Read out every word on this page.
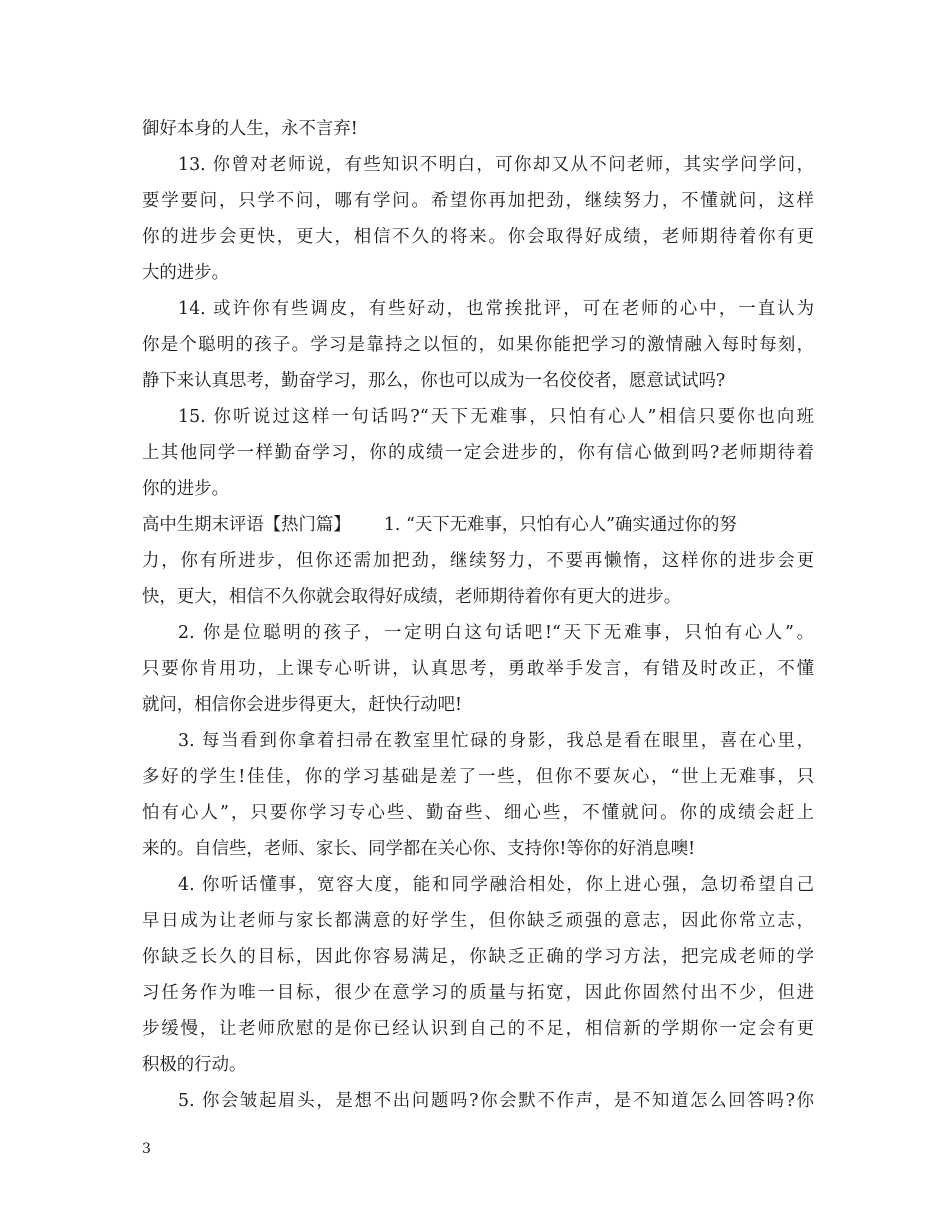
御好本身的人生，永不言弃!
13. 你曾对老师说，有些知识不明白，可你却又从不问老师，其实学问学问，
要学要问，只学不问，哪有学问。希望你再加把劲，继续努力，不懂就问，这样
你的进步会更快，更大，相信不久的将来。你会取得好成绩，老师期待着你有更
大的进步。
14. 或许你有些调皮，有些好动，也常挨批评，可在老师的心中，一直认为
你是个聪明的孩子。学习是靠持之以恒的，如果你能把学习的激情融入每时每刻，
静下来认真思考，勤奋学习，那么，你也可以成为一名佼佼者，愿意试试吗?
15. 你听说过这样一句话吗?“天下无难事，只怕有心人”相信只要你也向班
上其他同学一样勤奋学习，你的成绩一定会进步的，你有信心做到吗?老师期待着
你的进步。
高中生期末评语【热门篇】      1. “天下无难事，只怕有心人”确实通过你的努
力，你有所进步，但你还需加把劲，继续努力，不要再懒惰，这样你的进步会更
快，更大，相信不久你就会取得好成绩，老师期待着你有更大的进步。
2. 你是位聪明的孩子，一定明白这句话吧!“天下无难事，只怕有心人”。
只要你肯用功，上课专心听讲，认真思考，勇敢举手发言，有错及时改正，不懂
就问，相信你会进步得更大，赶快行动吧!
3. 每当看到你拿着扫帚在教室里忙碌的身影，我总是看在眼里，喜在心里，
多好的学生!佳佳，你的学习基础是差了一些，但你不要灰心，“世上无难事，只
怕有心人”，只要你学习专心些、勤奋些、细心些，不懂就问。你的成绩会赶上
来的。自信些，老师、家长、同学都在关心你、支持你!等你的好消息噢!
4. 你听话懂事，宽容大度，能和同学融洽相处，你上进心强，急切希望自己
早日成为让老师与家长都满意的好学生，但你缺乏顽强的意志，因此你常立志，
你缺乏长久的目标，因此你容易满足，你缺乏正确的学习方法，把完成老师的学
习任务作为唯一目标，很少在意学习的质量与拓宽，因此你固然付出不少，但进
步缓慢，让老师欣慰的是你已经认识到自己的不足，相信新的学期你一定会有更
积极的行动。
5. 你会皱起眉头，是想不出问题吗?你会默不作声，是不知道怎么回答吗?你
3
